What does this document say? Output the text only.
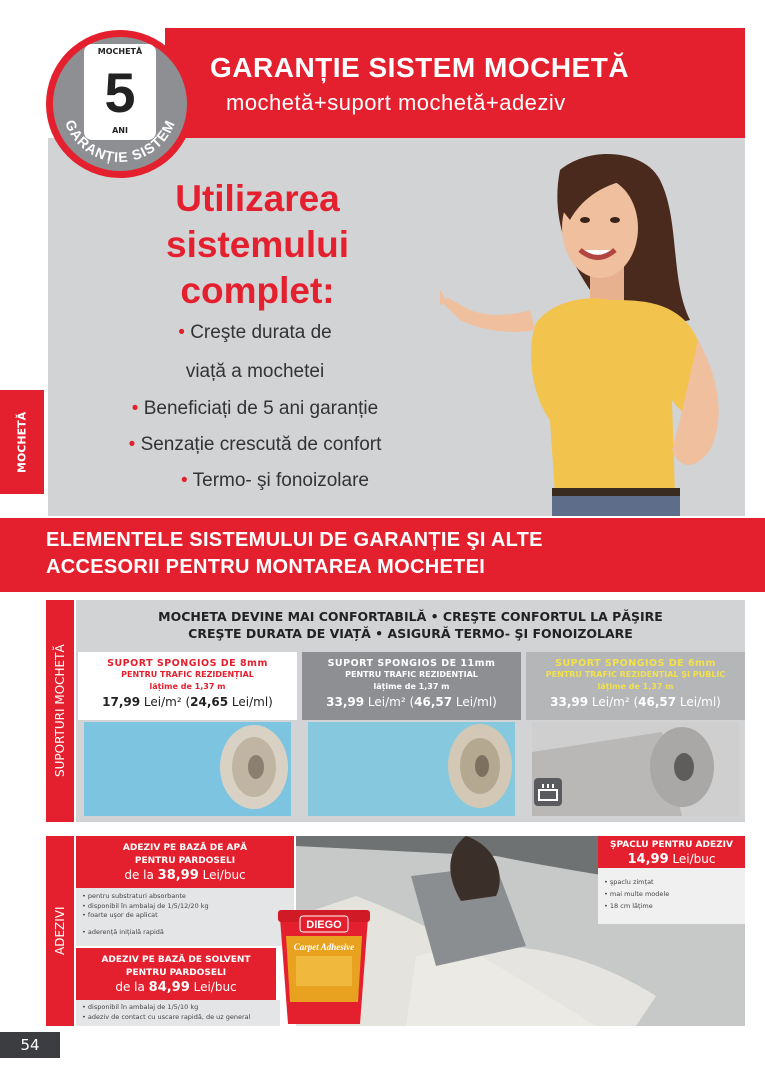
GARANȚIE SISTEM MOCHETĂ
mochetă+suport mochetă+adeziv
MOCHETĂ
5
ANI
GARANȚIE SISTEM
Utilizarea
sistemului
complet:
• Creşte durata de
viață a mochetei
• Beneficiați de 5 ani garanție
• Senzație crescută de confort
• Termo- şi fonoizolare
MOCHETĂ
ELEMENTELE SISTEMULUI DE GARANȚIE ŞI ALTE
ACCESORII PENTRU MONTAREA MOCHETEI
SUPORTURI MOCHETĂ
MOCHETA DEVINE MAI CONFORTABILĂ • CREŞTE CONFORTUL LA PĂŞIRE
CREŞTE DURATA DE VIAȚĂ • ASIGURĂ TERMO- ŞI FONOIZOLARE
SUPORT SPONGIOS DE 8mm
PENTRU TRAFIC REZIDENȚIAL
lățime de 1,37 m
17,99 Lei/m² (24,65 Lei/ml)
SUPORT SPONGIOS DE 11mm
PENTRU TRAFIC REZIDENȚIAL
lățime de 1,37 m
33,99 Lei/m² (46,57 Lei/ml)
SUPORT SPONGIOS DE 6mm
PENTRU TRAFIC REZIDENȚIAL ŞI PUBLIC
lățime de 1,37 m
33,99 Lei/m² (46,57 Lei/ml)
ADEZIVI
ADEZIV PE BAZĂ DE APĂ
PENTRU PARDOSELI
de la 38,99 Lei/buc
• pentru substraturi absorbante
• disponibil în ambalaj de 1/5/12/20 kg
• foarte uşor de aplicat
• aderență inițială rapidă
ADEZIV PE BAZĂ DE SOLVENT
PENTRU PARDOSELI
de la 84,99 Lei/buc
• disponibil în ambalaj de 1/5/10 kg
• adeziv de contact cu uscare rapidă, de uz general
DIEGO
Carpet Adhesive
ŞPACLU PENTRU ADEZIV
14,99 Lei/buc
• şpaclu zimțat
• mai multe modele
• 18 cm lățime
54
